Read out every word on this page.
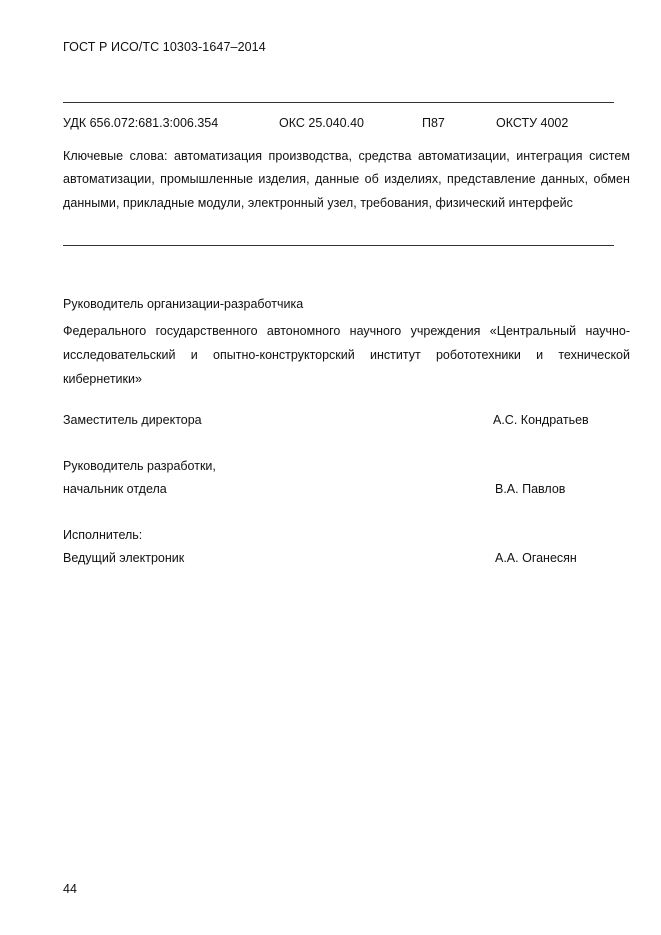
ГОСТ Р ИСО/ТС 10303-1647–2014
УДК 656.072:681.3:006.354	ОКС 25.040.40	П87	ОКСТУ 4002
Ключевые слова: автоматизация производства, средства автоматизации, интеграция систем автоматизации, промышленные изделия, данные об изделиях, представление данных, обмен данными, прикладные модули, электронный узел, требования, физический интерфейс
Руководитель организации-разработчика
Федерального государственного автономного научного учреждения «Центральный научно-исследовательский и опытно-конструкторский институт робототехники и технической кибернетики»
Заместитель директора	А.С. Кондратьев
Руководитель разработки,
начальник отдела	В.А. Павлов
Исполнитель:
Ведущий электроник	А.А. Оганесян
44
